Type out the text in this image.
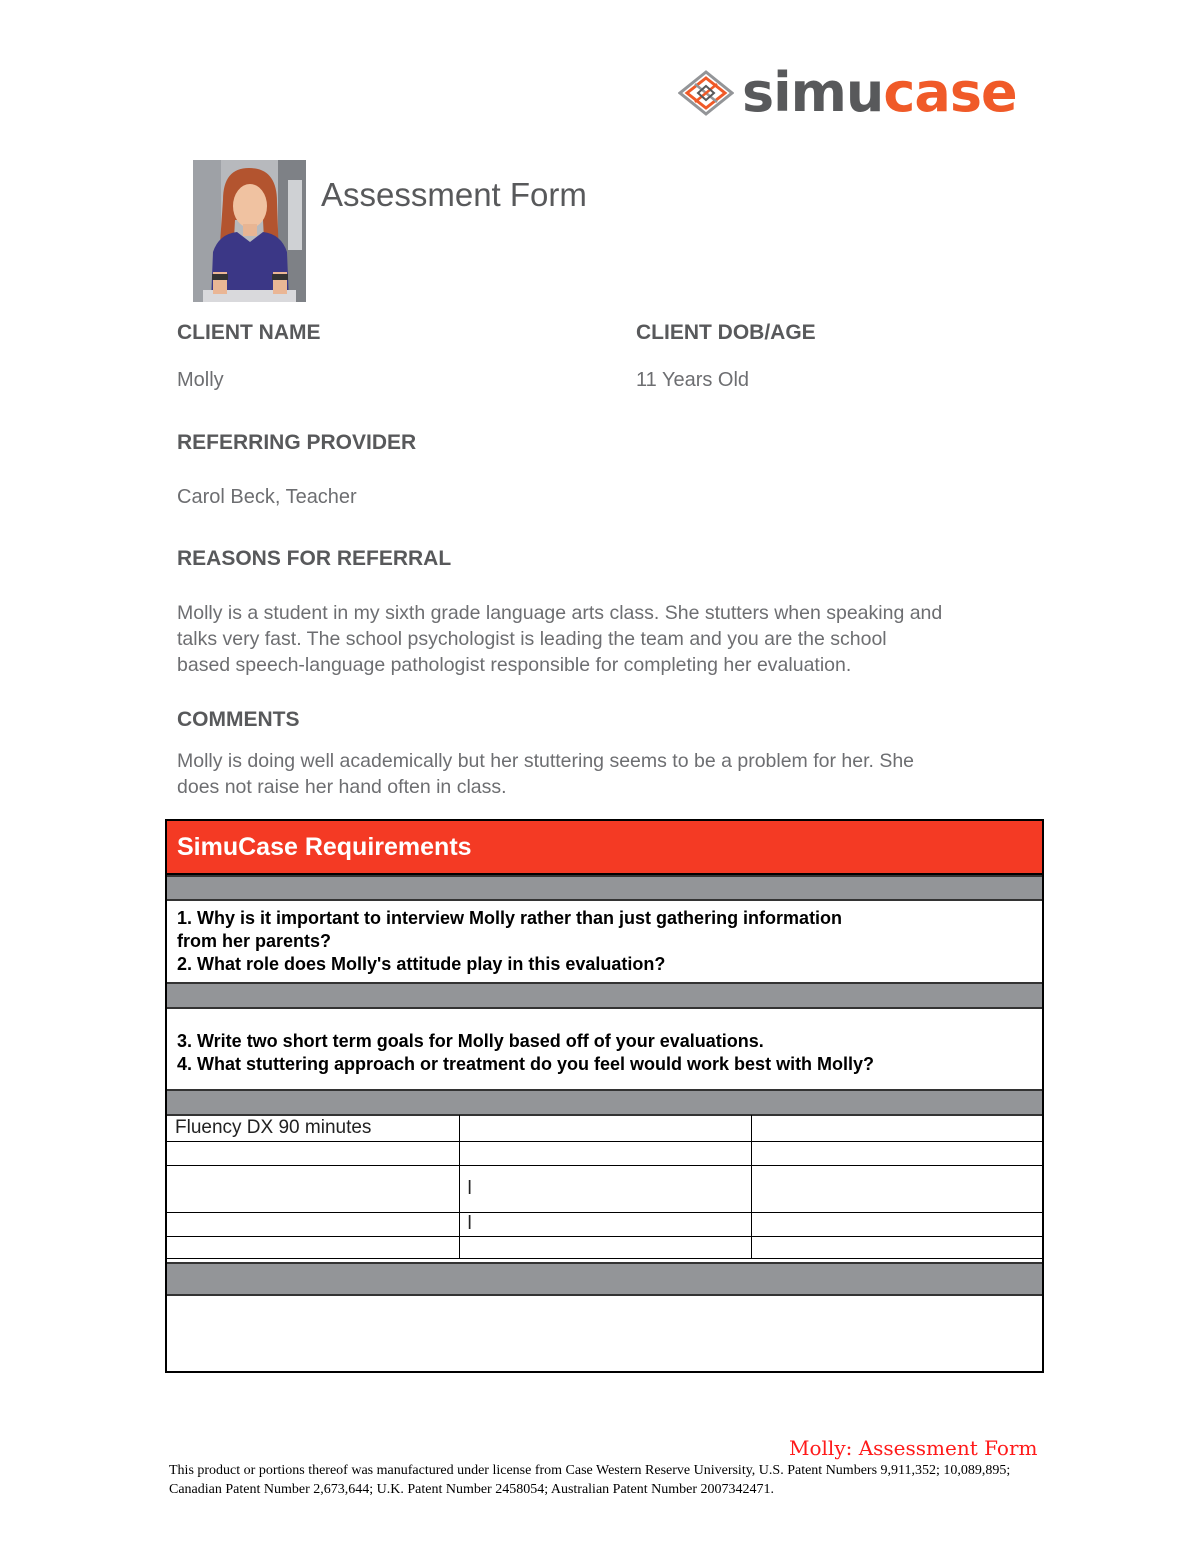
simucase
Assessment Form
CLIENT NAME
Molly
CLIENT DOB/AGE
11 Years Old
REFERRING PROVIDER
Carol Beck, Teacher
REASONS FOR REFERRAL
Molly is a student in my sixth grade language arts class. She stutters when speaking and
talks very fast. The school psychologist is leading the team and you are the school
based speech-language pathologist responsible for completing her evaluation.
COMMENTS
Molly is doing well academically but her stuttering seems to be a problem for her. She
does not raise her hand often in class.
SimuCase Requirements
1. Why is it important to interview Molly rather than just gathering information
from her parents?
2. What role does Molly's attitude play in this evaluation?
3. Write two short term goals for Molly based off of your evaluations.
4. What stuttering approach or treatment do you feel would work best with Molly?
Fluency DX 90 minutes		

	l	
	l	

Molly: Assessment Form
This product or portions thereof was manufactured under license from Case Western Reserve University, U.S. Patent Numbers 9,911,352; 10,089,895;
Canadian Patent Number 2,673,644; U.K. Patent Number 2458054; Australian Patent Number 2007342471.
